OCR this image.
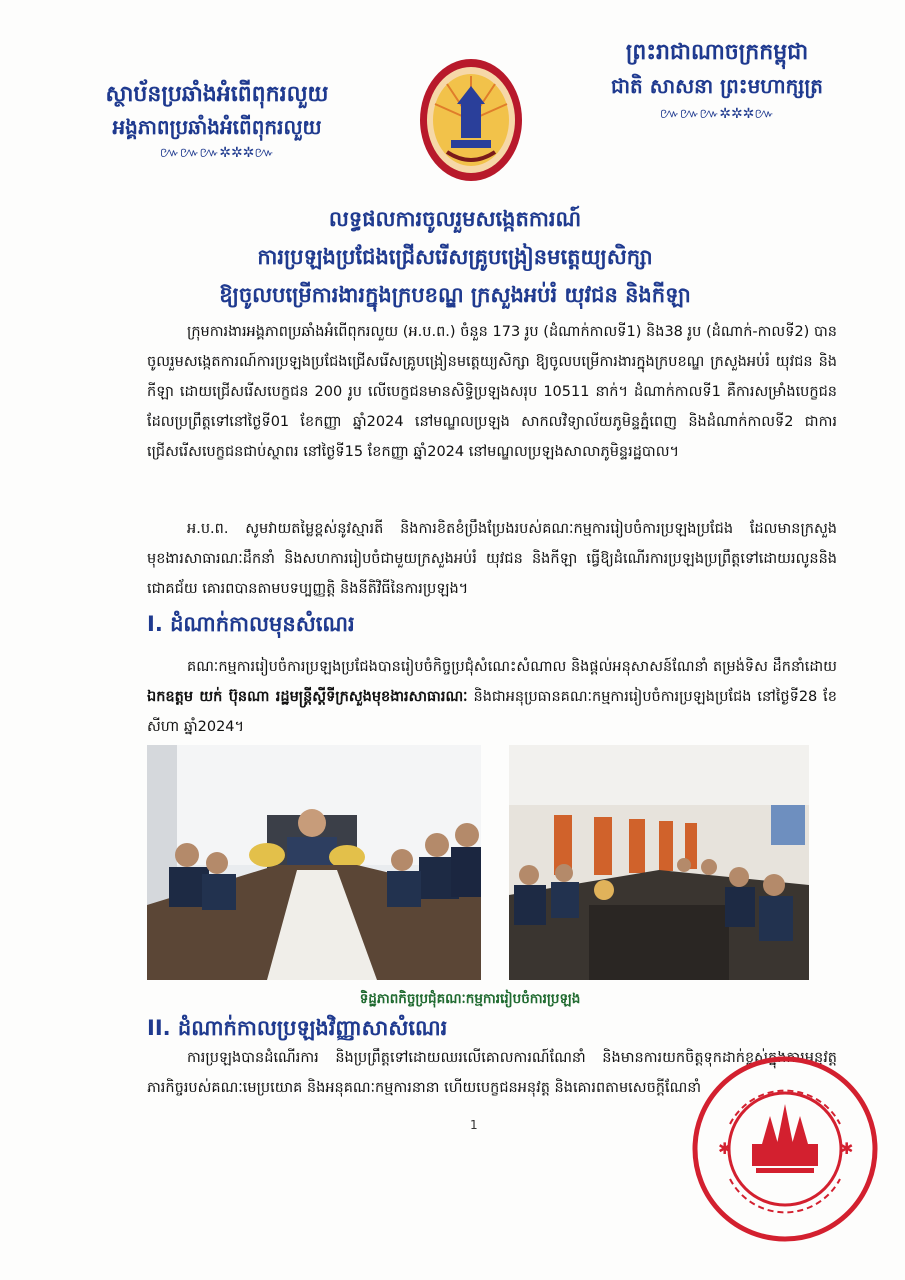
ស្ថាប័នប្រឆាំងអំពើពុករលួយ
អង្គភាពប្រឆាំងអំពើពុករលួយ
៚៚៚✲✲✲៚
ព្រះរាជាណាចក្រកម្ពុជា
ជាតិ សាសនា ព្រះមហាក្សត្រ
៚៚៚✲✲✲៚
លទ្ធផលការចូលរួមសង្កេតការណ៍
ការប្រឡងប្រជែងជ្រើសរើសគ្រូបង្រៀនមត្តេយ្យសិក្សា
ឱ្យចូលបម្រើការងារក្នុងក្របខណ្ឌ ក្រសួងអប់រំ យុវជន និងកីឡា
ក្រុមការងារអង្គភាពប្រឆាំងអំពើពុករលួយ (អ.ប.ព.) ចំនួន 173 រូប (ដំណាក់កាលទី1) និង38 រូប (ដំណាក់-កាលទី2) បានចូលរួមសង្កេតការណ៍ការប្រឡងប្រជែងជ្រើសរើសគ្រូបង្រៀនមត្តេយ្យសិក្សា ឱ្យចូលបម្រើការងារក្នុងក្របខណ្ឌ ក្រសួងអប់រំ យុវជន និងកីឡា ដោយជ្រើសរើសបេក្ខជន 200 រូប លើបេក្ខជនមានសិទ្ធិប្រឡងសរុប 10511 នាក់។ ដំណាក់កាលទី1 គឺការសម្រាំងបេក្ខជន ដែលប្រព្រឹត្តទៅនៅថ្ងៃទី01 ខែកញ្ញា ឆ្នាំ2024 នៅមណ្ឌលប្រឡង សាកលវិទ្យាល័យភូមិន្ទភ្នំពេញ និងដំណាក់កាលទី2 ជាការជ្រើសរើសបេក្ខជនជាប់ស្ថាពរ នៅថ្ងៃទី15 ខែកញ្ញា ឆ្នាំ2024 នៅមណ្ឌលប្រឡងសាលាភូមិន្ទរដ្ឋបាល។
អ.ប.ព. សូមវាយតម្លៃខ្ពស់នូវស្មារតី និងការខិតខំប្រឹងប្រែងរបស់គណៈកម្មការរៀបចំការប្រឡងប្រជែង ដែលមានក្រសួងមុខងារសាធារណៈដឹកនាំ និងសហការរៀបចំជាមួយក្រសួងអប់រំ យុវជន និងកីឡា ធ្វើឱ្យដំណើរការប្រឡងប្រព្រឹត្តទៅដោយរលូននិងជោគជ័យ គោរពបានតាមបទប្បញ្ញត្តិ និងនីតិវិធីនៃការប្រឡង។
I. ដំណាក់កាលមុនសំណេរ
គណៈកម្មការរៀបចំការប្រឡងប្រជែងបានរៀបចំកិច្ចប្រជុំសំណេះសំណាល និងផ្តល់អនុសាសន៍ណែនាំ តម្រង់ទិស ដឹកនាំដោយ ឯកឧត្តម យក់ ប៊ុនណា រដ្ឋមន្ត្រីស្តីទីក្រសួងមុខងារសាធារណៈ និងជាអនុប្រធានគណៈកម្មការរៀបចំការប្រឡងប្រជែង នៅថ្ងៃទី28 ខែសីហា ឆ្នាំ2024។
ទិដ្ឋភាពកិច្ចប្រជុំគណៈកម្មការរៀបចំការប្រឡង
II. ដំណាក់កាលប្រឡងវិញ្ញាសាសំណេរ
ការប្រឡងបានដំណើរការ និងប្រព្រឹត្តទៅដោយឈរលើគោលការណ៍ណែនាំ និងមានការយកចិត្តទុកដាក់ខ្ពស់ក្នុងការអនុវត្តភារកិច្ចរបស់គណៈមេប្រយោគ និងអនុគណៈកម្មការនានា ហើយបេក្ខជនអនុវត្ត និងគោរពតាមសេចក្តីណែនាំ
1
✱	✱
